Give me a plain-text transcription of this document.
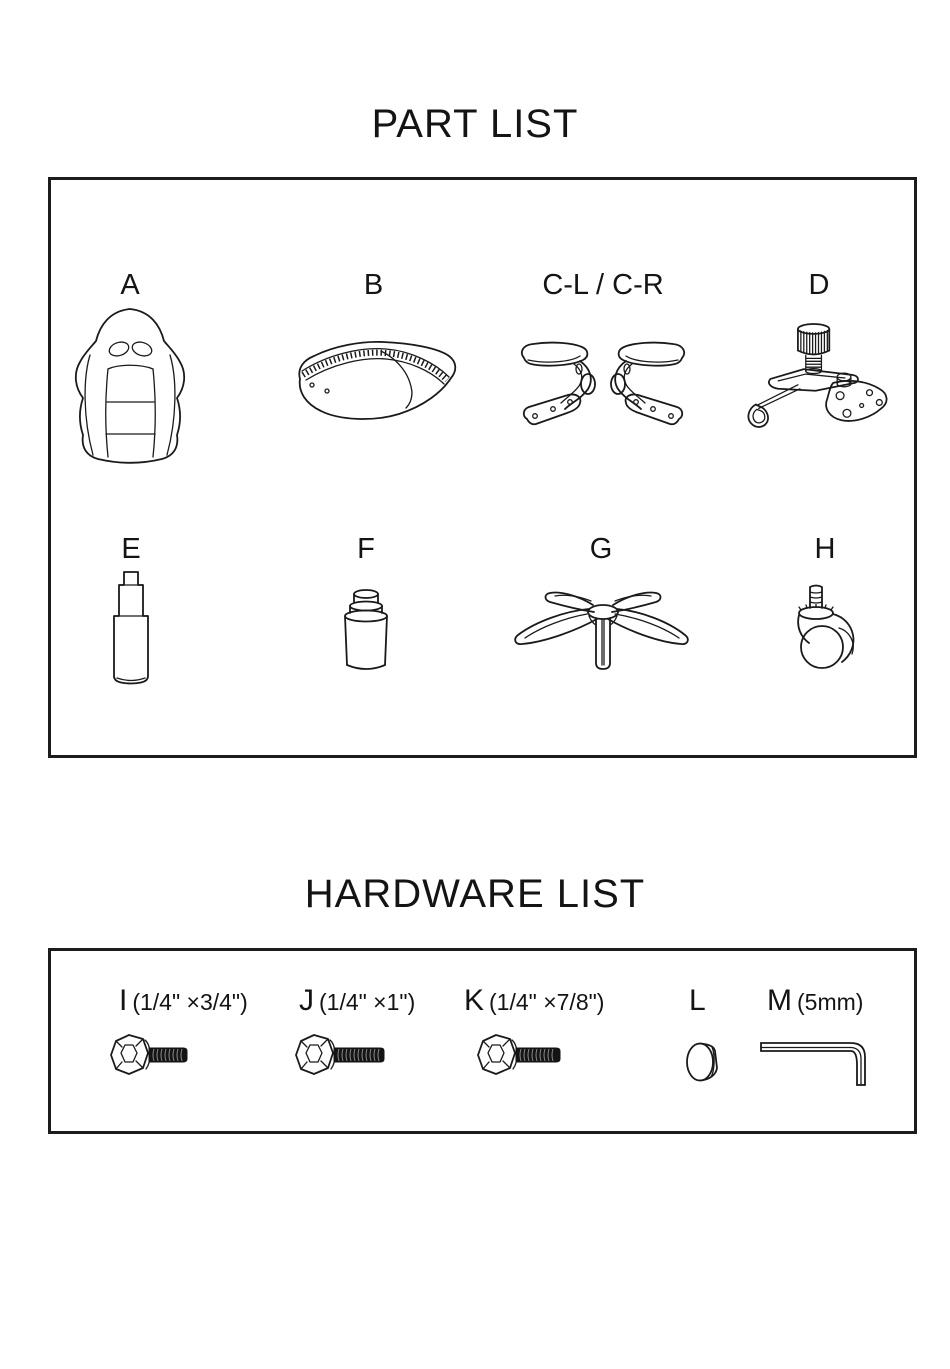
PART LIST
A	B	C-L / C-R	D
E	F	G	H
HARDWARE LIST
I (1/4" ×3/4")	J (1/4" ×1")	K (1/4" ×7/8")	L	M (5mm)
